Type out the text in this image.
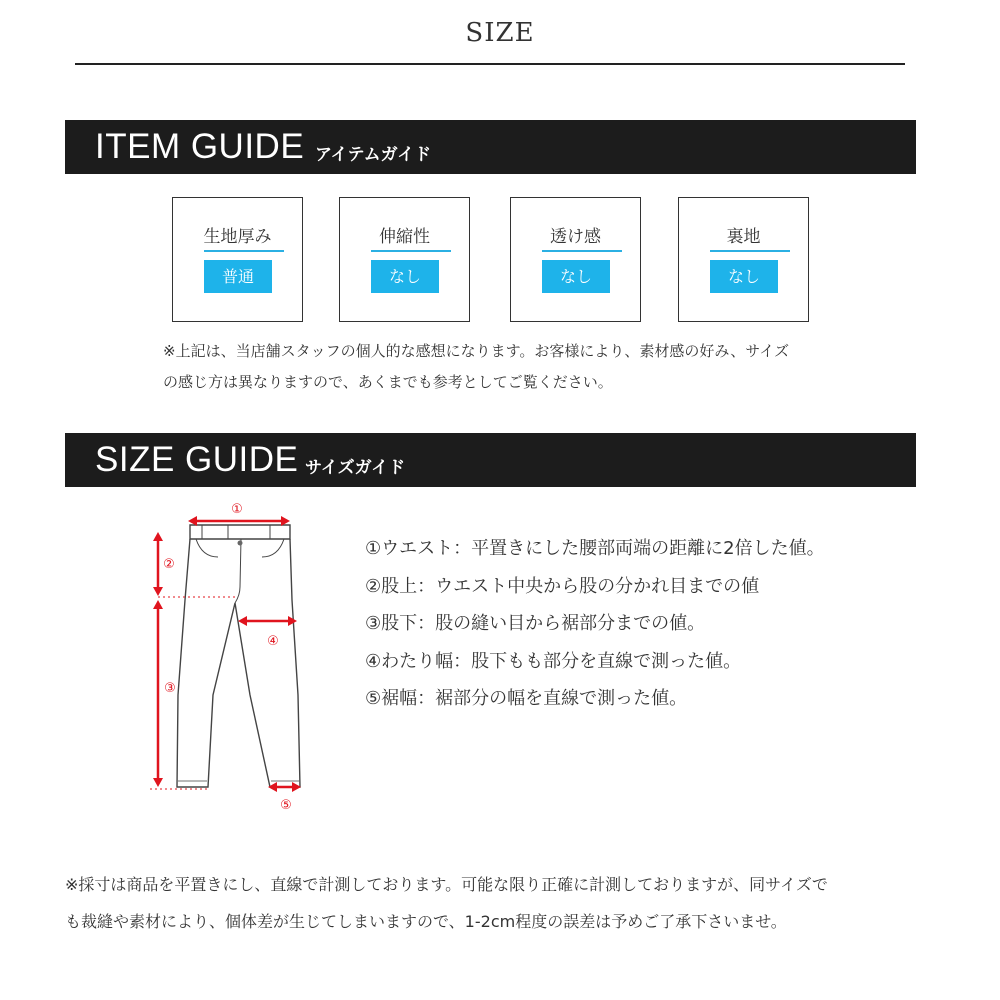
SIZE
ITEM GUIDE アイテムガイド
生地厚み
普通
伸縮性
なし
透け感
なし
裏地
なし
※上記は、当店舗スタッフの個人的な感想になります。お客様により、素材感の好み、サイズ
の感じ方は異なりますので、あくまでも参考としてご覧ください。
SIZE GUIDE サイズガイド
①
②
③
④
⑤
①ウエスト：平置きにした腰部両端の距離に2倍した値。
②股上：ウエスト中央から股の分かれ目までの値
③股下：股の縫い目から裾部分までの値。
④わたり幅：股下もも部分を直線で測った値。
⑤裾幅：裾部分の幅を直線で測った値。
※採寸は商品を平置きにし、直線で計測しております。可能な限り正確に計測しておりますが、同サイズで
も裁縫や素材により、個体差が生じてしまいますので、1-2cm程度の誤差は予めご了承下さいませ。
